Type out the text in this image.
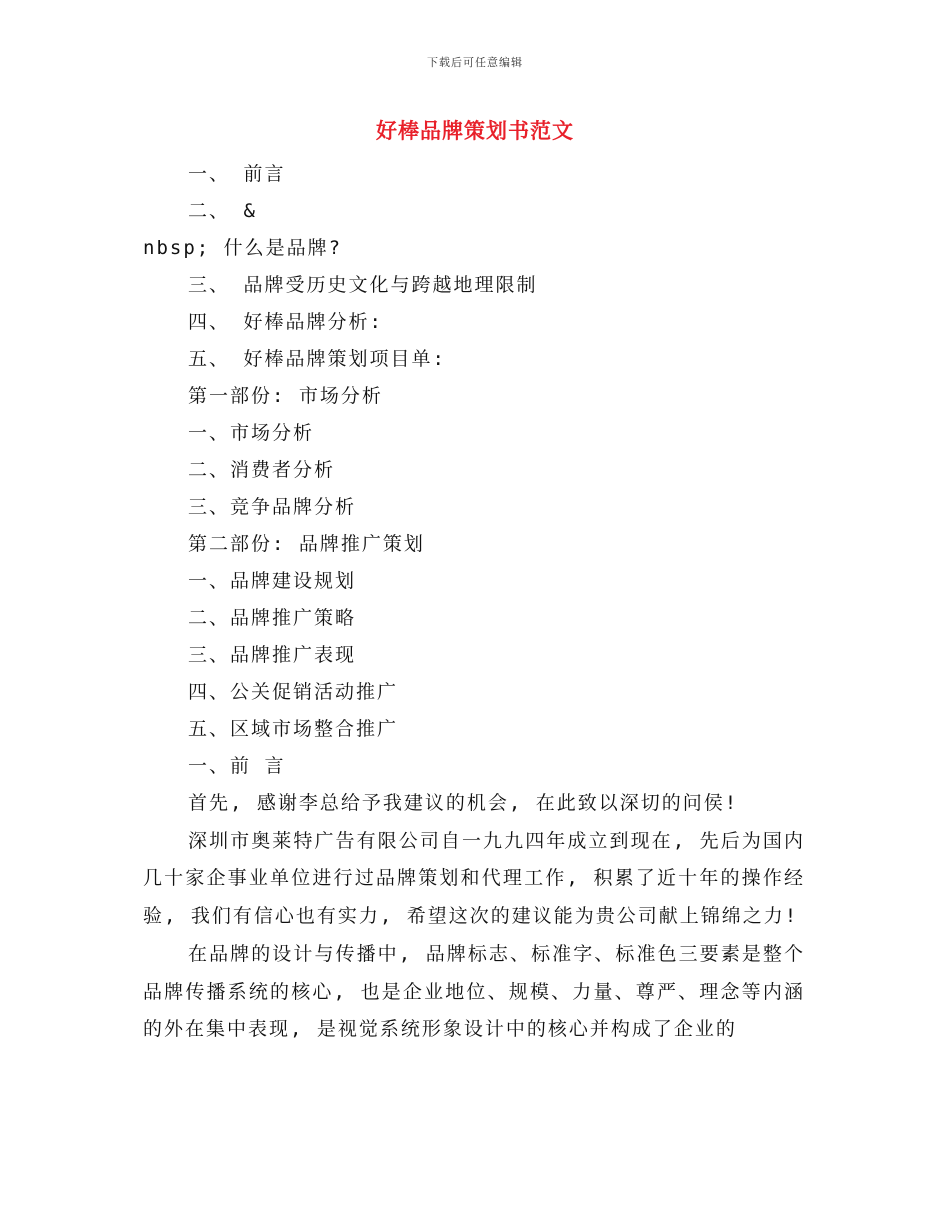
下载后可任意编辑
好棒品牌策划书范文
一、 前言
二、 &
nbsp; 什么是品牌?
三、 品牌受历史文化与跨越地理限制
四、 好棒品牌分析:
五、 好棒品牌策划项目单:
第一部份: 市场分析
一、市场分析
二、消费者分析
三、竞争品牌分析
第二部份: 品牌推广策划
一、品牌建设规划
二、品牌推广策略
三、品牌推广表现
四、公关促销活动推广
五、区域市场整合推广
一、前 言

首先, 感谢李总给予我建议的机会, 在此致以深切的问侯!

深圳市奥莱特广告有限公司自一九九四年成立到现在, 先后为国内几十家企事业单位进行过品牌策划和代理工作, 积累了近十年的操作经验, 我们有信心也有实力, 希望这次的建议能为贵公司献上锦绵之力!

在品牌的设计与传播中, 品牌标志、标准字、标准色三要素是整个品牌传播系统的核心, 也是企业地位、规模、力量、尊严、理念等内涵的外在集中表现, 是视觉系统形象设计中的核心并构成了企业的
